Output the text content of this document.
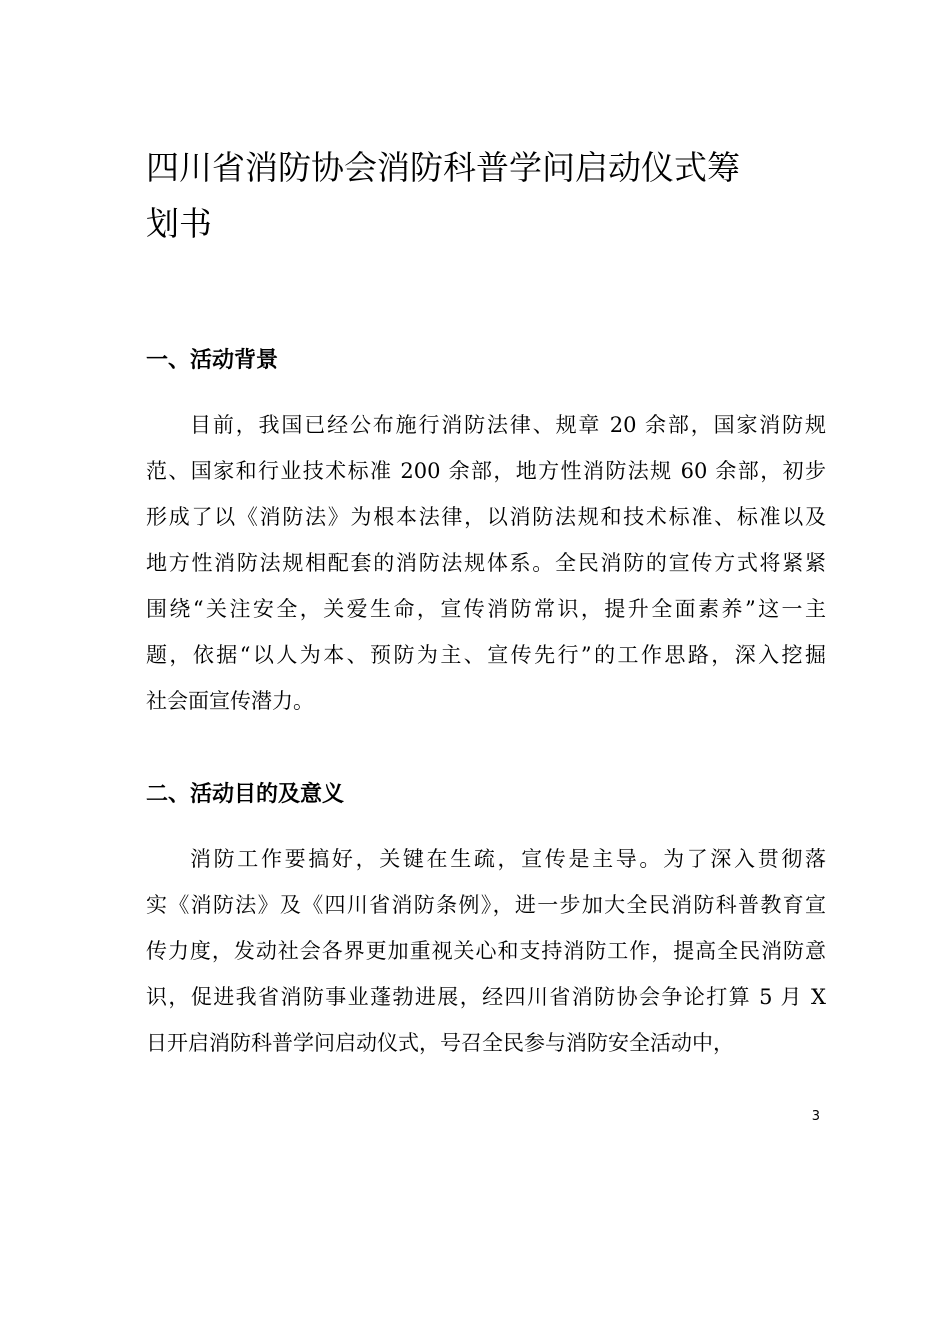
四川省消防协会消防科普学问启动仪式筹
划书
一、活动背景
目前，我国已经公布施行消防法律、规章 20 余部，国家消防规
范、国家和行业技术标准 200 余部，地方性消防法规 60 余部，初步
形成了以《消防法》为根本法律，以消防法规和技术标准、标准以及
地方性消防法规相配套的消防法规体系。全民消防的宣传方式将紧紧
围绕“关注安全，关爱生命，宣传消防常识，提升全面素养”这一主
题，依据“以人为本、预防为主、宣传先行”的工作思路，深入挖掘
社会面宣传潜力。
二、活动目的及意义
消防工作要搞好，关键在生疏，宣传是主导。为了深入贯彻落
实《消防法》及《四川省消防条例》，进一步加大全民消防科普教育宣
传力度，发动社会各界更加重视关心和支持消防工作，提高全民消防意
识，促进我省消防事业蓬勃进展，经四川省消防协会争论打算 5 月 X
日开启消防科普学问启动仪式，号召全民参与消防安全活动中，
3
